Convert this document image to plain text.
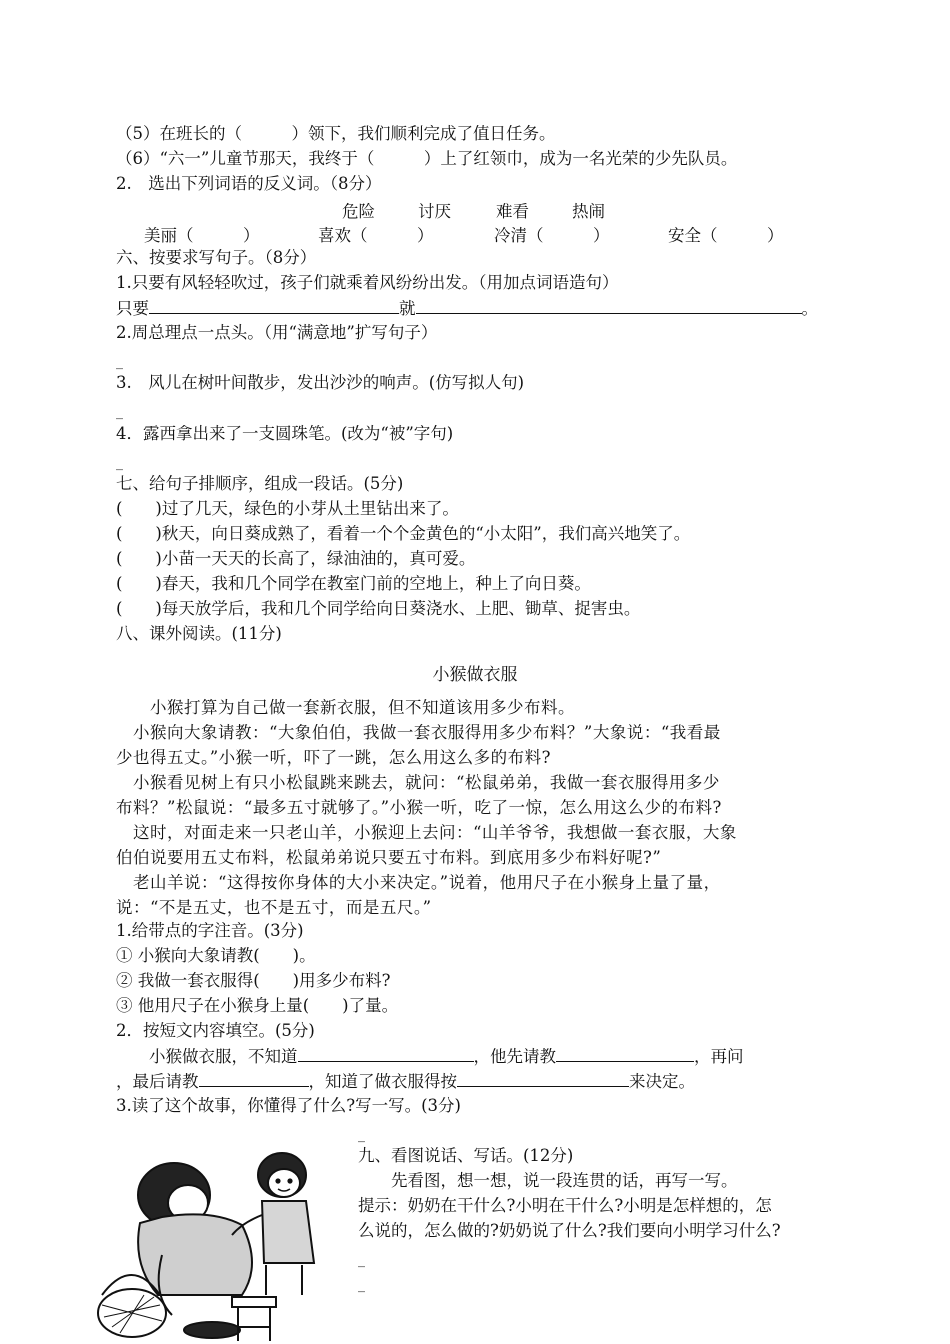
（5）在班长的（　　　）领下，我们顺利完成了值日任务。
（6）“六一”儿童节那天，我终于（　　　）上了红领巾，成为一名光荣的少先队员。
2.　选出下列词语的反义词。（8分）
危险	讨厌	难看	热闹
美丽（　　　）	喜欢（　　　）	冷清（　　　）	安全（　　　）
六、按要求写句子。（8分）
1.只要有风轻轻吹过，孩子们就乘着风纷纷出发。（用加点词语造句）
只要	就	。
2.周总理点一点头。（用“满意地”扩写句子）
_
3.　风儿在树叶间散步，发出沙沙的响声。(仿写拟人句)
_
4．露西拿出来了一支圆珠笔。(改为“被”字句)
_
七、给句子排顺序，组成一段话。(5分)
(　　)过了几天，绿色的小芽从土里钻出来了。
(　　)秋天，向日葵成熟了，看着一个个金黄色的“小太阳”，我们高兴地笑了。
(　　)小苗一天天的长高了，绿油油的，真可爱。
(　　)春天，我和几个同学在教室门前的空地上，种上了向日葵。
(　　)每天放学后，我和几个同学给向日葵浇水、上肥、锄草、捉害虫。
八、课外阅读。(11分)
小猴做衣服
　　小猴打算为自己做一套新衣服，但不知道该用多少布料。
　小猴向大象请教：“大象伯伯，我做一套衣服得用多少布料？”大象说：“我看最
少也得五丈。”小猴一听，吓了一跳，怎么用这么多的布料?
　小猴看见树上有只小松鼠跳来跳去，就问：“松鼠弟弟，我做一套衣服得用多少
布料？”松鼠说：“最多五寸就够了。”小猴一听，吃了一惊，怎么用这么少的布料?
　这时，对面走来一只老山羊，小猴迎上去问：“山羊爷爷，我想做一套衣服，大象
伯伯说要用五丈布料，松鼠弟弟说只要五寸布料。到底用多少布料好呢?”
　老山羊说：“这得按你身体的大小来决定。”说着，他用尺子在小猴身上量了量，
说：“不是五丈，也不是五寸，而是五尺。”
1.给带点的字注音。(3分)
① 小猴向大象请教(　　)。
② 我做一套衣服得(　　)用多少布料?
③ 他用尺子在小猴身上量(　　)了量。
2．按短文内容填空。(5分)
　　小猴做衣服，不知道	，他先请教	，再问
，最后请教	，知道了做衣服得按	来决定。
3.读了这个故事，你懂得了什么?写一写。(3分)
_
九、看图说话、写话。(12分)
　　先看图，想一想，说一段连贯的话，再写一写。
提示：奶奶在干什么?小明在干什么?小明是怎样想的，怎
么说的，怎么做的?奶奶说了什么?我们要向小明学习什么?
_
_
